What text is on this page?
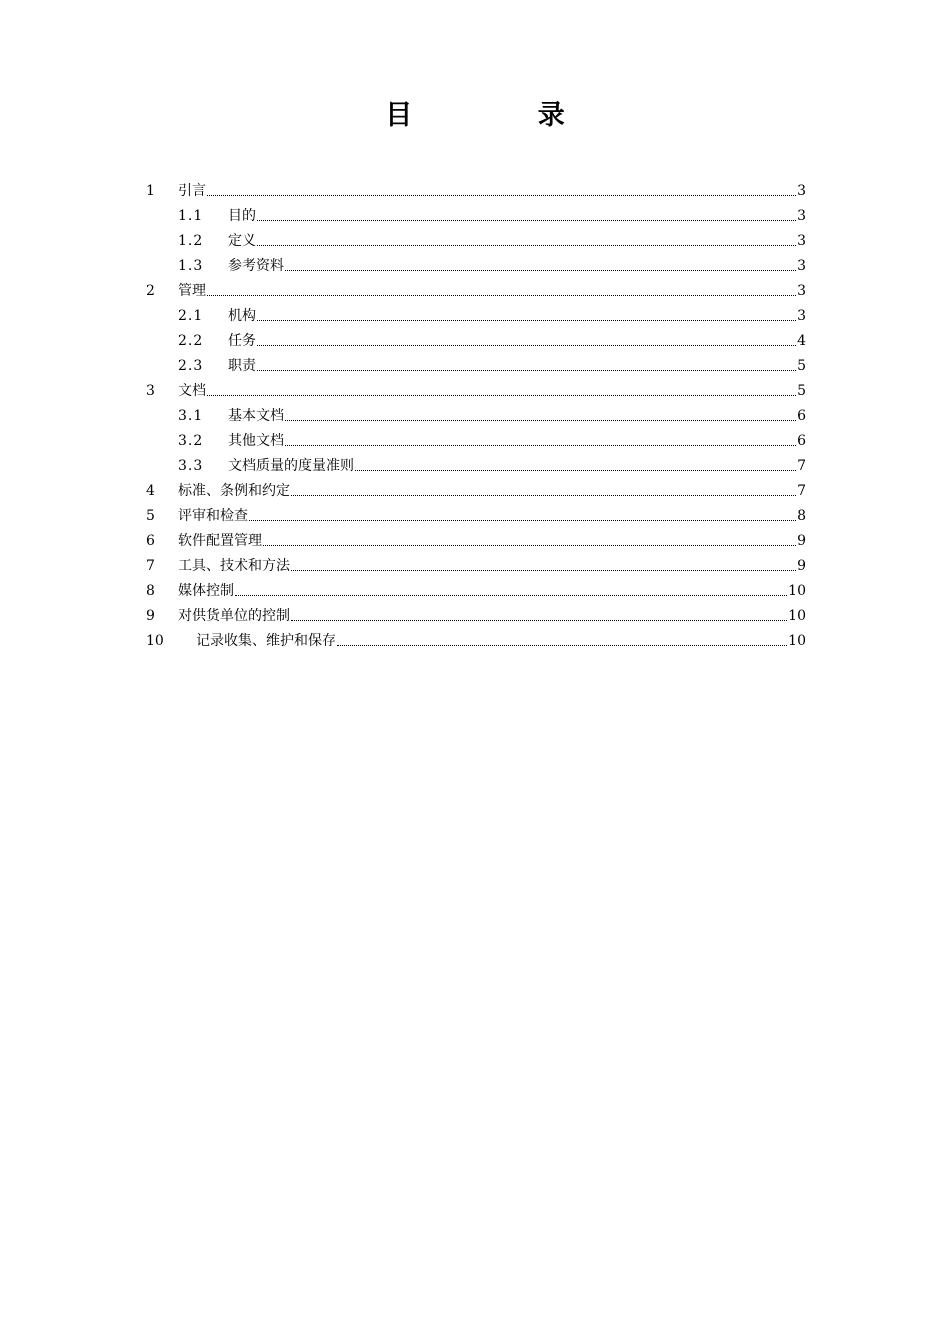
目 录
1	引言	3
1.1	目的	3
1.2	定义	3
1.3	参考资料	3
2	管理	3
2.1	机构	3
2.2	任务	4
2.3	职责	5
3	文档	5
3.1	基本文档	6
3.2	其他文档	6
3.3	文档质量的度量准则	7
4	标准、条例和约定	7
5	评审和检查	8
6	软件配置管理	9
7	工具、技术和方法	9
8	媒体控制	10
9	对供货单位的控制	10
10	记录收集、维护和保存	10
